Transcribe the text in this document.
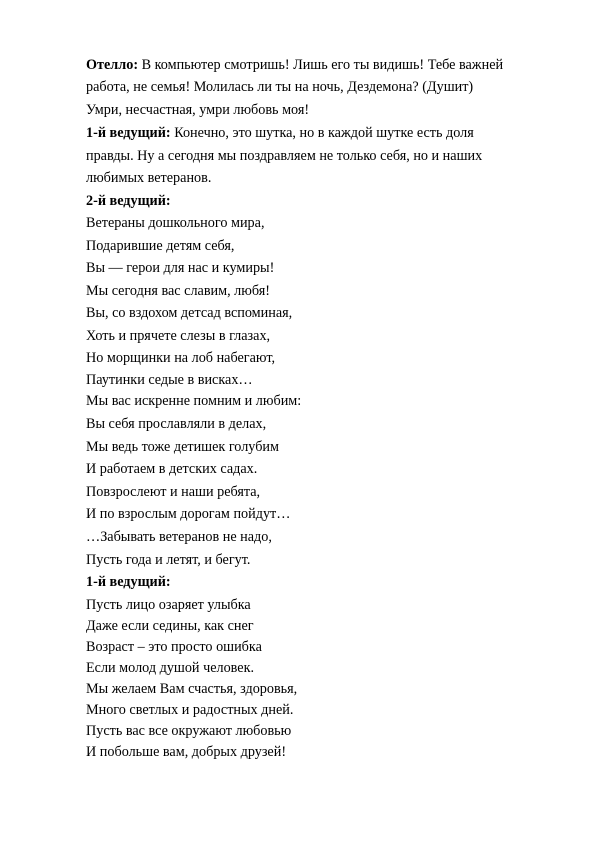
Отелло: В компьютер смотришь! Лишь его ты видишь! Тебе важней
работа, не семья! Молилась ли ты на ночь, Дездемона? (Душит)
Умри, несчастная, умри любовь моя!
1-й ведущий: Конечно, это шутка, но в каждой шутке есть доля
правды. Ну а сегодня мы поздравляем не только себя, но и наших
любимых ветеранов.
2-й ведущий:
Ветераны дошкольного мира,
Подарившие детям себя,
Вы — герои для нас и кумиры!
Мы сегодня вас славим, любя!
Вы, со вздохом детсад вспоминая,
Хоть и прячете слезы в глазах,
Но морщинки на лоб набегают,
Паутинки седые в висках…
Мы вас искренне помним и любим:
Вы себя прославляли в делах,
Мы ведь тоже детишек голубим
И работаем в детских садах.
Повзрослеют и наши ребята,
И по взрослым дорогам пойдут…
…Забывать ветеранов не надо,
Пусть года и летят, и бегут.
1-й ведущий:
Пусть лицо озаряет улыбка
Даже если седины, как снег
Возраст – это просто ошибка
Если молод душой человек.
Мы желаем Вам счастья, здоровья,
Много светлых и радостных дней.
Пусть вас все окружают любовью
И побольше вам, добрых друзей!
